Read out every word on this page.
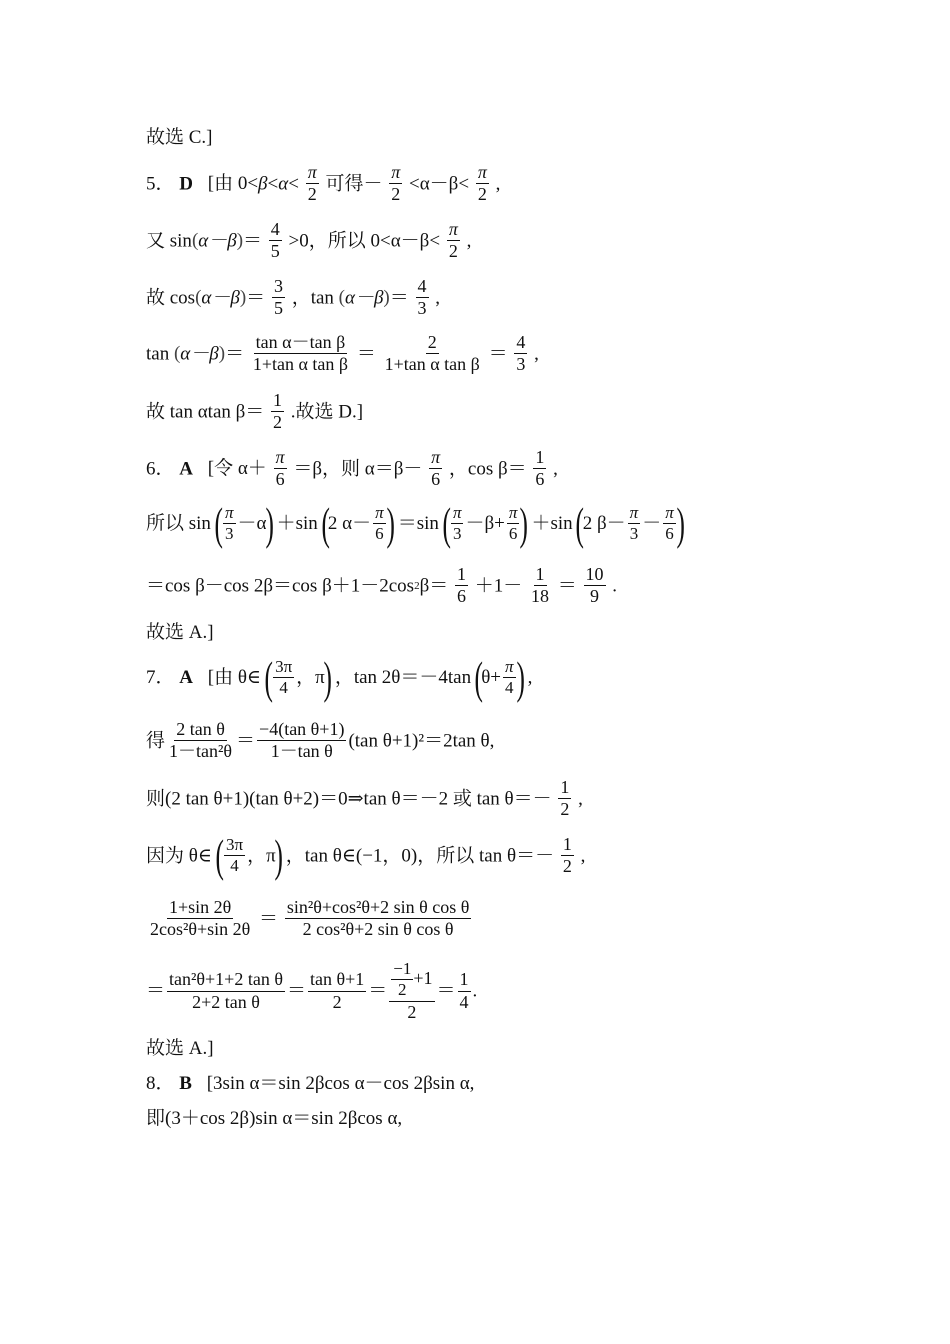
故选 C.]
5． D [由 $0<\beta<\alpha< \frac{\pi}{2}$ 可得－ $\frac{\pi}{2} <\alpha-\beta< \frac{\pi}{2}$ ,
又 $\sin(\alpha-\beta)= \frac{4}{5} >0$，所以 $0<\alpha-\beta< \frac{\pi}{2}$ ,
故 $\cos(\alpha-\beta)= \frac{3}{5}$ ，$\tan (\alpha-\beta)= \frac{4}{3}$ ,
$\tan (\alpha-\beta)= \frac{\text{tan α－tan β}}{\text{1+tan α tan β}} = \frac{2}{\text{1+tan α tan β}} = \frac{4}{3}$ ,
故 tan αtan $\beta= \frac{1}{2}$ .故选 D.]
6． A [令 $\alpha+ \frac{\pi}{6} =\beta$，则 $\alpha=\beta- \frac{\pi}{6}$ ，$\cos \beta= \frac{1}{6}$ ,
所以 sin ( $\frac{\pi}{3} -\alpha) +\sin$ (2 $\alpha- \frac{\pi}{6}$ ) ＝sin ( $\frac{\pi}{3} -\beta+ \frac{\pi}{6}$ ) ＋sin (2 $\beta- \frac{\pi}{3} - \frac{\pi}{6}$ )
＝cos β－cos 2β＝cos $\beta+1-2\cos 2\beta= \frac{1}{6} +1- \frac{1}{18} = \frac{10}{9}$ .
故选 A.]
7． A [由 θ∈ ( $\frac{3\pi}{4}$ ，π) ，tan 2θ＝－4tan ($\theta+ \frac{\pi}{4}$ ) ,
得 $\frac{\text{2 tan θ}}{\text{1－tan²θ}} = \frac{\text{−4(tan θ+1)}}{\text{1－tan θ}} (\tan$ θ+1)²＝2tan θ,
则(2 tan θ+1)(tan θ+2)＝0⇒tan θ＝－2 或 $\tan \theta=- \frac{1}{2}$ ,
因为 θ∈ ( $\frac{3\pi}{4}$ ，π) ，tan θ∈(−1，0)，所以 $\tan \theta=- \frac{1}{2}$ ,
$\frac{1+\sin 2\theta}{\text{2cos²θ+sin 2θ}} = \frac{\text{sin²θ+cos²θ+2 sin θ cos θ}}{\text{2 cos²θ+2 sin θ cos θ}}$
＝ $\frac{\text{tan²θ+1+2 tan θ}}{\text{2+2 tan θ}} = \frac{\text{tan θ+1}}{2} = \frac{\frac{-1}{2} +1}{2} = \frac{1}{4}$ .
故选 A.]
8． B [3sin α＝sin 2βcos α－cos 2βsin α,
即(3＋cos 2β)sin α＝sin 2βcos α,
